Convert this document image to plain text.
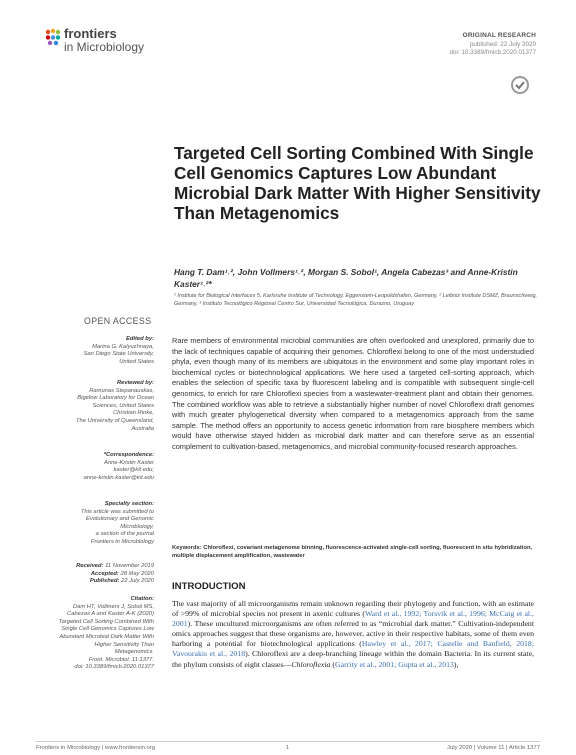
frontiers
in Microbiology
ORIGINAL RESEARCH
published: 22 July 2020
doi: 10.3389/fmicb.2020.01377
Targeted Cell Sorting Combined With Single Cell Genomics Captures Low Abundant Microbial Dark Matter With Higher Sensitivity Than Metagenomics
Hang T. Dam¹˒², John Vollmers¹˒², Morgan S. Sobol¹, Angela Cabezas³ and Anne-Kristin Kaster¹˒²*
¹ Institute for Biological Interfaces 5, Karlsruhe Institute of Technology, Eggenstein-Leopoldshafen, Germany, ² Leibniz Institute DSMZ, Braunschweig, Germany, ³ Instituto Tecnológico Regional Centro Sur, Universidad Tecnológica, Durazno, Uruguay
OPEN ACCESS
Edited by:
Marina G. Kalyuzhnaya,
San Diego State University,
United States
Reviewed by:
Ramunas Stepanauskas,
Bigelow Laboratory for Ocean
Sciences, United States
Christian Rinke,
The University of Queensland,
Australia
*Correspondence:
Anne-Kristin Kaster
kaster@kit.edu;
anne-kristin.kaster@kit.edu
Specialty section:
This article was submitted to
Evolutionary and Genomic
Microbiology,
a section of the journal
Frontiers in Microbiology
Received: 11 November 2019
Accepted: 28 May 2020
Published: 22 July 2020
Citation:
Dam HT, Vollmers J, Sobol MS,
Cabezas A and Kaster A-K (2020)
Targeted Cell Sorting Combined With
Single Cell Genomics Captures Low
Abundant Microbial Dark Matter With
Higher Sensitivity Than
Metagenomics.
Front. Microbiol. 11:1377.
doi: 10.3389/fmicb.2020.01377
Rare members of environmental microbial communities are often overlooked and unexplored, primarily due to the lack of techniques capable of acquiring their genomes. Chloroflexi belong to one of the most understudied phyla, even though many of its members are ubiquitous in the environment and some play important roles in biochemical cycles or biotechnological applications. We here used a targeted cell-sorting approach, which enables the selection of specific taxa by fluorescent labeling and is compatible with subsequent single-cell genomics, to enrich for rare Chloroflexi species from a wastewater-treatment plant and obtain their genomes. The combined workflow was able to retrieve a substantially higher number of novel Chloroflexi draft genomes with much greater phylogenetical diversity when compared to a metagenomics approach from the same sample. The method offers an opportunity to access genetic information from rare biosphere members which would have otherwise stayed hidden as microbial dark matter and can therefore serve as an essential complement to cultivation-based, metagenomics, and microbial community-focused research approaches.
Keywords: Chloroflexi, covariant metagenome binning, fluorescence-activated single-cell sorting, fluorescent in situ hybridization, multiple displacement amplification, wastewater
INTRODUCTION
The vast majority of all microorganisms remain unknown regarding their phylogeny and function, with an estimate of >99% of microbial species not present in axenic cultures (Ward et al., 1992; Torsvik et al., 1996; McCaig et al., 2001). These uncultured microorganisms are often referred to as “microbial dark matter.” Cultivation-independent omics approaches suggest that these organisms are, however, active in their respective habitats, some of them even harboring a potential for biotechnological applications (Hawley et al., 2017; Castelle and Banfield, 2018; Vavourakis et al., 2018). Chloroflexi are a deep-branching lineage within the domain Bacteria. In its current state, the phylum consists of eight classes—Chloroflexia (Garrity et al., 2001; Gupta et al., 2013),
Frontiers in Microbiology | www.frontiersin.org	1	July 2020 | Volume 11 | Article 1377
